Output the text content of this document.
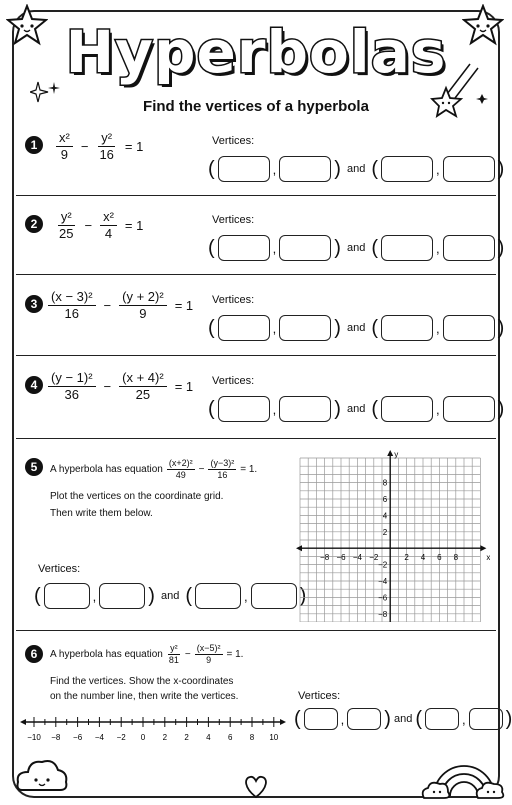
Hyperbolas
Find the vertices of a hyperbola
1	$\frac{\text{x²}}{9} - \frac{\text{y²}}{16} = 1$	Vertices:
(	,	) and (	,	)
2	$\frac{\text{y²}}{25} - \frac{\text{x²}}{4} = 1$	Vertices:
(	,	) and (	,	)
$3 \frac{\text{(x − 3)²}}{16} - \frac{\text{(y + 2)²}}{9} = 1$ Vertices:
(	,	) and (	,	)
$4 \frac{\text{(y − 1)²}}{36} - \frac{\text{(x + 4)²}}{25} = 1$ Vertices:
(	,	) and (	,	)
5	A hyperbola has equation $\frac{\text{(x+2)²}}{49} - \frac{\text{(y−3)²}}{16} = 1$.
Plot the vertices on the coordinate grid.
Then write them below.
Vertices:
(	,	) and (	,	)
−8 −6 −4 −2	2 4 6 8
8
6
4
2
−2
−4
−6
−8
x
y
6	A hyperbola has equation $\frac{\text{y²}}{81} - \frac{\text{(x−5)²}}{9} = 1$.
Find the vertices. Show the x-coordinates
on the number line, then write the vertices.	Vertices:
(	, ) and (	, )
−10 −8 −6 −4 −2 0 2 2 4 6 8 10
